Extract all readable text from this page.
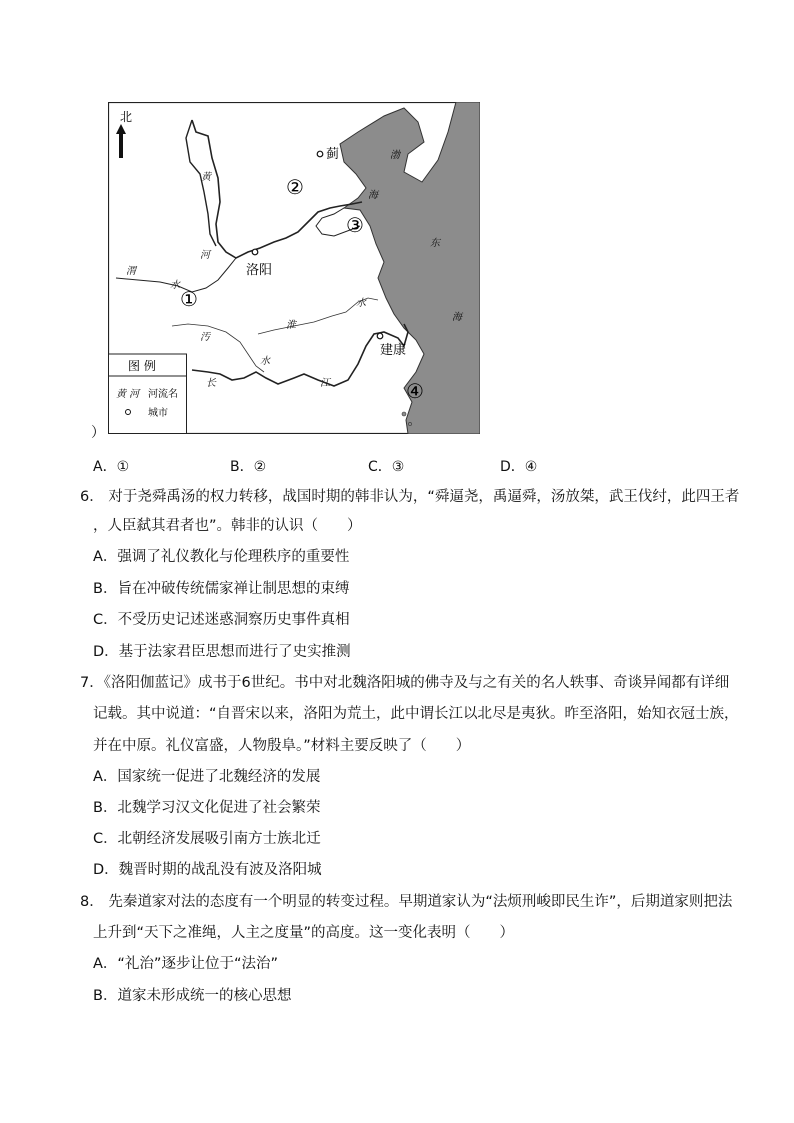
北
蓟
洛阳
建康
①
②
③
④
黄
河
渭
水
淮
水
汚
水
长	江
渤
海
东
海
图 例
黄 河 河流名
城市
）
A．①	B．②	C．③	D．④
6． 对于尧舜禹汤的权力转移，战国时期的韩非认为，“舜逼尧，禹逼舜，汤放桀，武王伐纣，此四王者
，人臣弑其君者也”。韩非的认识（　　）
A．强调了礼仪教化与伦理秩序的重要性
B．旨在冲破传统儒家禅让制思想的束缚
C．不受历史记述迷惑洞察历史事件真相
D．基于法家君臣思想而进行了史实推测
7．《洛阳伽蓝记》成书于6世纪。书中对北魏洛阳城的佛寺及与之有关的名人轶事、奇谈异闻都有详细
记载。其中说道：“自晋宋以来，洛阳为荒土，此中谓长江以北尽是夷狄。昨至洛阳，始知衣冠士族，
并在中原。礼仪富盛，人物殷阜。”材料主要反映了（　　）
A．国家统一促进了北魏经济的发展
B．北魏学习汉文化促进了社会繁荣
C．北朝经济发展吸引南方士族北迁
D．魏晋时期的战乱没有波及洛阳城
8． 先秦道家对法的态度有一个明显的转变过程。早期道家认为“法烦刑峻即民生诈”，后期道家则把法
上升到“天下之准绳，人主之度量”的高度。这一变化表明（　　）
A．“礼治”逐步让位于“法治”
B．道家未形成统一的核心思想
